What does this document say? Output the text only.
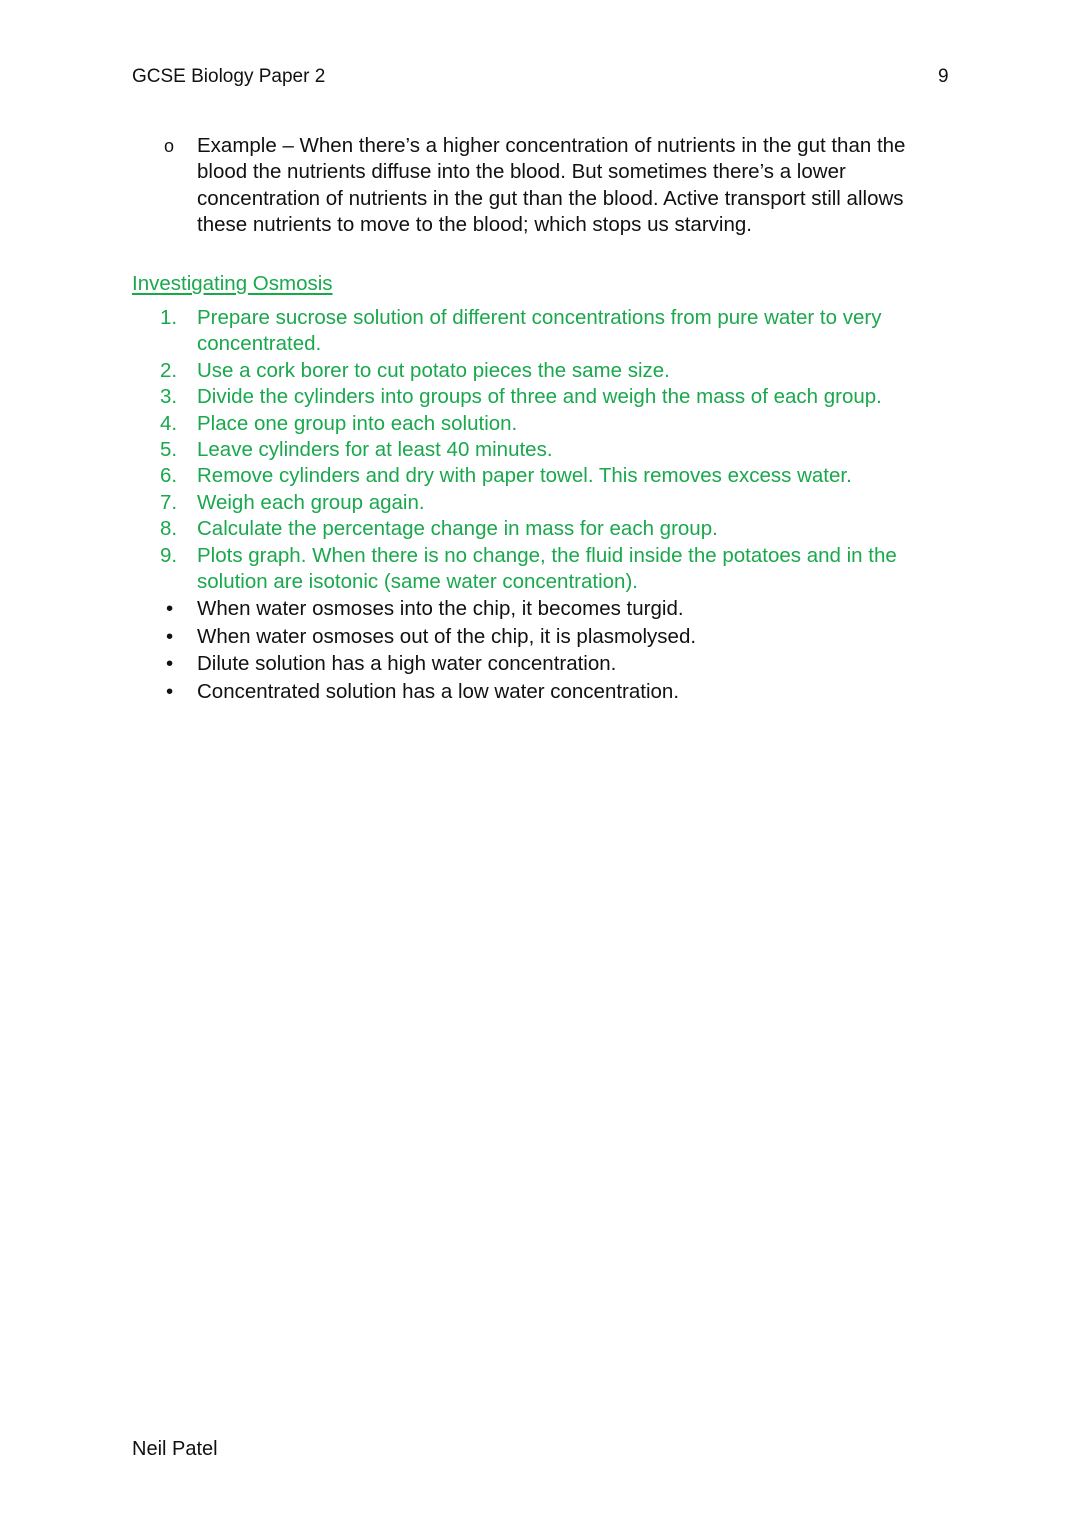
GCSE Biology Paper 2	9
o Example – When there’s a higher concentration of nutrients in the gut than the blood the nutrients diffuse into the blood. But sometimes there’s a lower concentration of nutrients in the gut than the blood. Active transport still allows these nutrients to move to the blood; which stops us starving.
Investigating Osmosis
1. Prepare sucrose solution of different concentrations from pure water to very concentrated.
2. Use a cork borer to cut potato pieces the same size.
3. Divide the cylinders into groups of three and weigh the mass of each group.
4. Place one group into each solution.
5. Leave cylinders for at least 40 minutes.
6. Remove cylinders and dry with paper towel. This removes excess water.
7. Weigh each group again.
8. Calculate the percentage change in mass for each group.
9. Plots graph. When there is no change, the fluid inside the potatoes and in the solution are isotonic (same water concentration).
•	When water osmoses into the chip, it becomes turgid.
•	When water osmoses out of the chip, it is plasmolysed.
•	Dilute solution has a high water concentration.
•	Concentrated solution has a low water concentration.
Neil Patel
